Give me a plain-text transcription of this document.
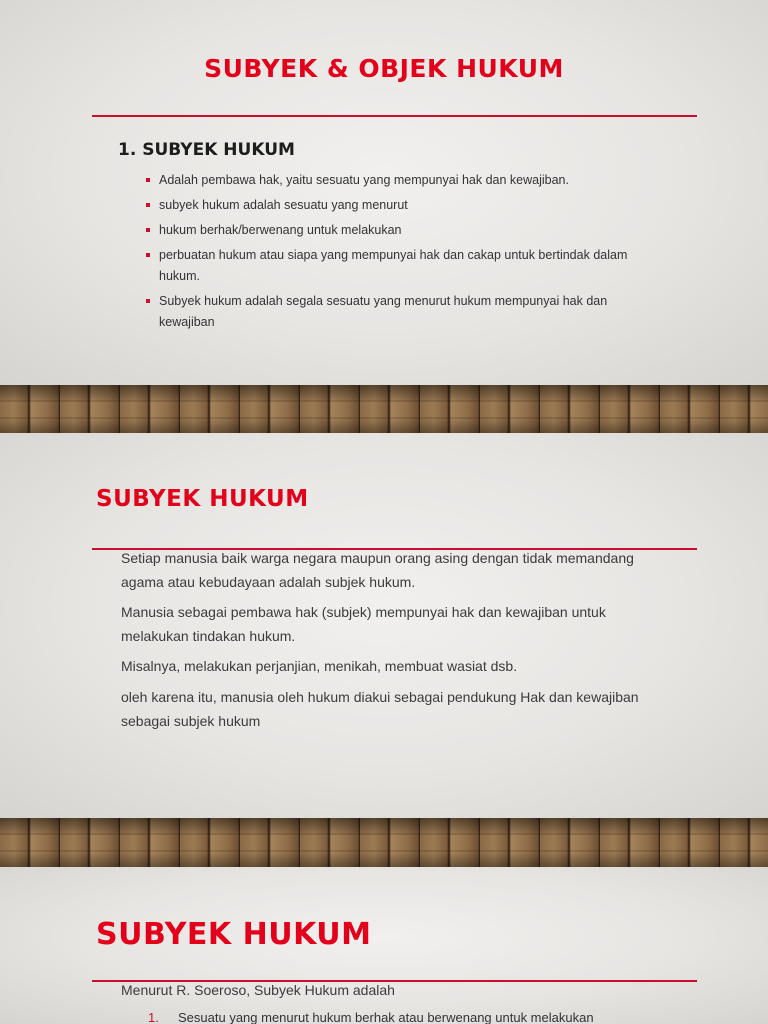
SUBYEK & OBJEK HUKUM
1. SUBYEK HUKUM
Adalah pembawa hak, yaitu sesuatu yang mempunyai hak dan kewajiban.
subyek hukum adalah sesuatu yang menurut
hukum berhak/berwenang untuk melakukan
perbuatan hukum atau siapa yang mempunyai hak dan cakap untuk bertindak dalam hukum.
Subyek hukum adalah segala sesuatu yang menurut hukum mempunyai hak dan kewajiban
SUBYEK HUKUM

Setiap manusia baik warga negara maupun orang asing dengan tidak memandang agama atau kebudayaan adalah subjek hukum.

Manusia sebagai pembawa hak (subjek) mempunyai hak dan kewajiban untuk melakukan tindakan hukum.

Misalnya, melakukan perjanjian, menikah, membuat wasiat dsb.

oleh karena itu, manusia oleh hukum diakui sebagai pendukung Hak dan kewajiban sebagai subjek hukum

SUBYEK HUKUM

Menurut R. Soeroso, Subyek Hukum adalah

1. Sesuatu yang menurut hukum berhak atau berwenang untuk melakukan
